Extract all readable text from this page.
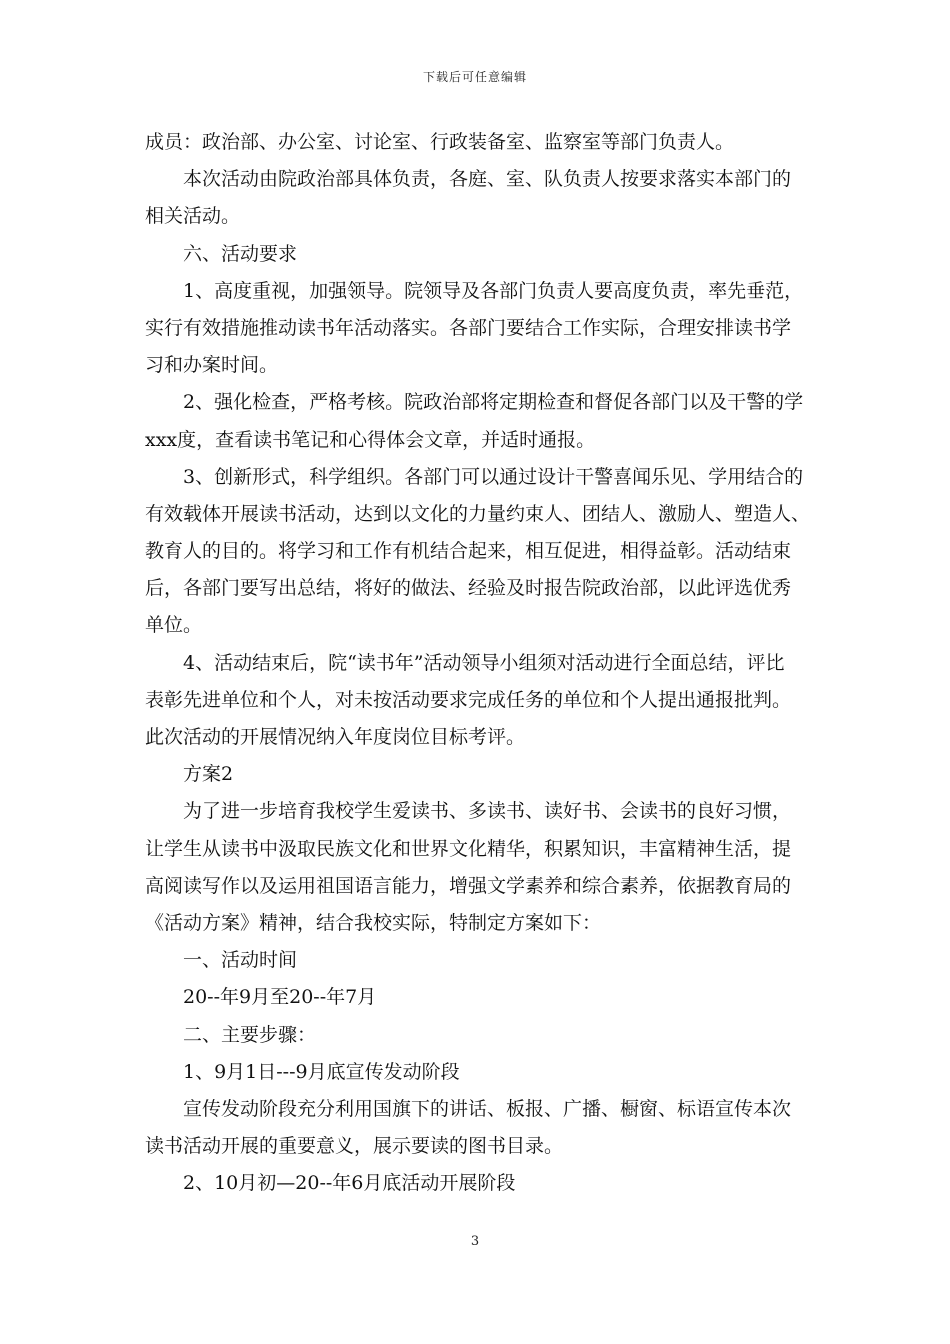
下载后可任意编辑
成员：政治部、办公室、讨论室、行政装备室、监察室等部门负责人。
本次活动由院政治部具体负责，各庭、室、队负责人按要求落实本部门的
相关活动。
六、活动要求
1、高度重视，加强领导。院领导及各部门负责人要高度负责，率先垂范，
实行有效措施推动读书年活动落实。各部门要结合工作实际，合理安排读书学
习和办案时间。
2、强化检查，严格考核。院政治部将定期检查和督促各部门以及干警的学
xxx度，查看读书笔记和心得体会文章，并适时通报。
3、创新形式，科学组织。各部门可以通过设计干警喜闻乐见、学用结合的
有效载体开展读书活动，达到以文化的力量约束人、团结人、激励人、塑造人、
教育人的目的。将学习和工作有机结合起来，相互促进，相得益彰。活动结束
后，各部门要写出总结，将好的做法、经验及时报告院政治部，以此评选优秀
单位。
4、活动结束后，院“读书年”活动领导小组须对活动进行全面总结，评比
表彰先进单位和个人，对未按活动要求完成任务的单位和个人提出通报批判。
此次活动的开展情况纳入年度岗位目标考评。
方案2
为了进一步培育我校学生爱读书、多读书、读好书、会读书的良好习惯，
让学生从读书中汲取民族文化和世界文化精华，积累知识，丰富精神生活，提
高阅读写作以及运用祖国语言能力，增强文学素养和综合素养，依据教育局的
《活动方案》精神，结合我校实际，特制定方案如下：
一、活动时间
20--年9月至20--年7月
二、主要步骤：
1、9月1日---9月底宣传发动阶段
宣传发动阶段充分利用国旗下的讲话、板报、广播、橱窗、标语宣传本次
读书活动开展的重要意义，展示要读的图书目录。
2、10月初—20--年6月底活动开展阶段
3
